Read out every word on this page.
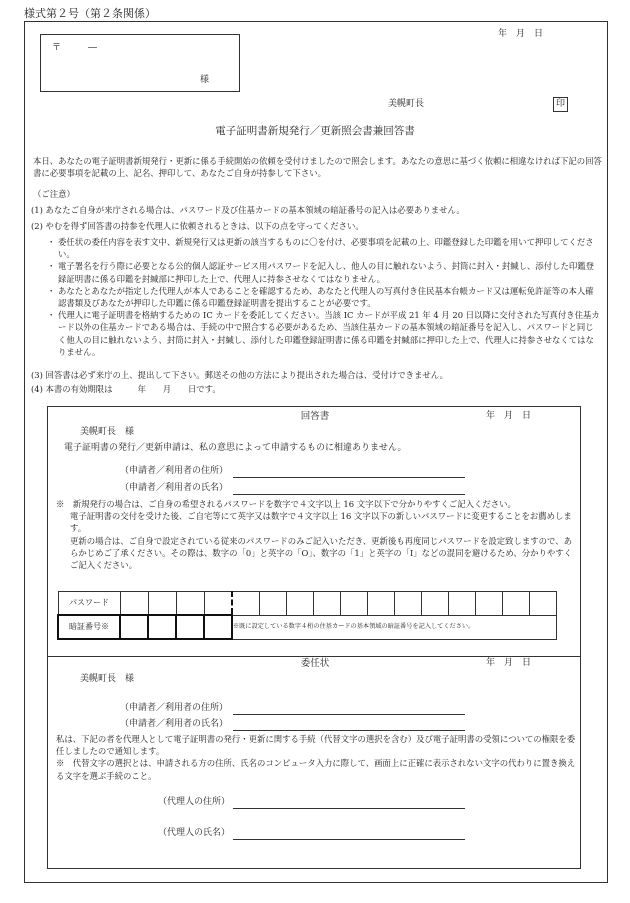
様式第２号（第２条関係）
〒　　　	―
様
年　月　日
美幌町長	印
電子証明書新規発行／更新照会書兼回答書
本日、あなたの電子証明書新規発行・更新に係る手続開始の依頼を受付けましたので照会します。あなたの意思に基づく依頼に相違なければ下記の回答書に必要事項を記載の上、記名、押印して、あなたご自身が持参して下さい。
（ご注意）
(1) あなたご自身が来庁される場合は、パスワード及び住基カードの基本領域の暗証番号の記入は必要ありません。
(2) やむを得ず回答書の持参を代理人に依頼されるときは、以下の点を守ってください。
・ 委任状の委任内容を表す文中、新規発行又は更新の該当するものに〇を付け、必要事項を記載の上、印鑑登録した印鑑を用いて押印してください。
・ 電子署名を行う際に必要となる公的個人認証サービス用パスワードを記入し、他人の目に触れないよう、封筒に封入・封緘し、添付した印鑑登録証明書に係る印鑑を封緘部に押印した上で、代理人に持参させなくてはなりません。
・ あなたとあなたが指定した代理人が本人であることを確認するため、あなたと代理人の写真付き住民基本台帳カード又は運転免許証等の本人確認書類及びあなたが押印した印鑑に係る印鑑登録証明書を提出することが必要です。
・ 代理人に電子証明書を格納するための IC カードを委託してください。当該 IC カードが平成 21 年 4 月 20 日以降に交付された写真付き住基カード以外の住基カードである場合は、手続の中で照合する必要があるため、当該住基カードの基本領域の暗証番号を記入し、パスワードと同じく他人の目に触れないよう、封筒に封入・封緘し、添付した印鑑登録証明書に係る印鑑を封緘部に押印した上で、代理人に持参させなくてはなりません。
(3) 回答書は必ず来庁の上、提出して下さい。郵送その他の方法により提出された場合は、受付けできません。
(4) 本書の有効期限は　　　年　　月　　日です。
回答書	年　月　日
美幌町長　様
電子証明書の発行／更新申請は、私の意思によって申請するものに相違ありません。
（申請者／利用者の住所）
（申請者／利用者の氏名）
※　新規発行の場合は、ご自身の希望されるパスワードを数字で４文字以上 16 文字以下で分かりやすくご記入ください。
電子証明書の交付を受けた後、ご自宅等にて英字又は数字で４文字以上 16 文字以下の新しいパスワードに変更することをお薦めします。
更新の場合は、ご自身で設定されている従来のパスワードのみご記入いただき、更新後も再度同じパスワードを設定致しますので、あらかじめご了承ください。その際は、数字の「0」と英字の「O」、数字の「1」と英字の「I」などの混同を避けるため、分かりやすくご記入ください。
パスワード																
暗証番号※					※既に設定している数字４桁の住基カードの基本領域の暗証番号を記入してください。											
委任状	年　月　日
美幌町長　様
（申請者／利用者の住所）
（申請者／利用者の氏名）
私は、下記の者を代理人として電子証明書の発行・更新に関する手続（代替文字の選択を含む）及び電子証明書の受領についての権限を委任しましたので通知します。
※　代替文字の選択とは、申請される方の住所、氏名のコンピュータ入力に際して、画面上に正確に表示されない文字の代わりに置き換える文字を選ぶ手続のこと。
（代理人の住所）
（代理人の氏名）
